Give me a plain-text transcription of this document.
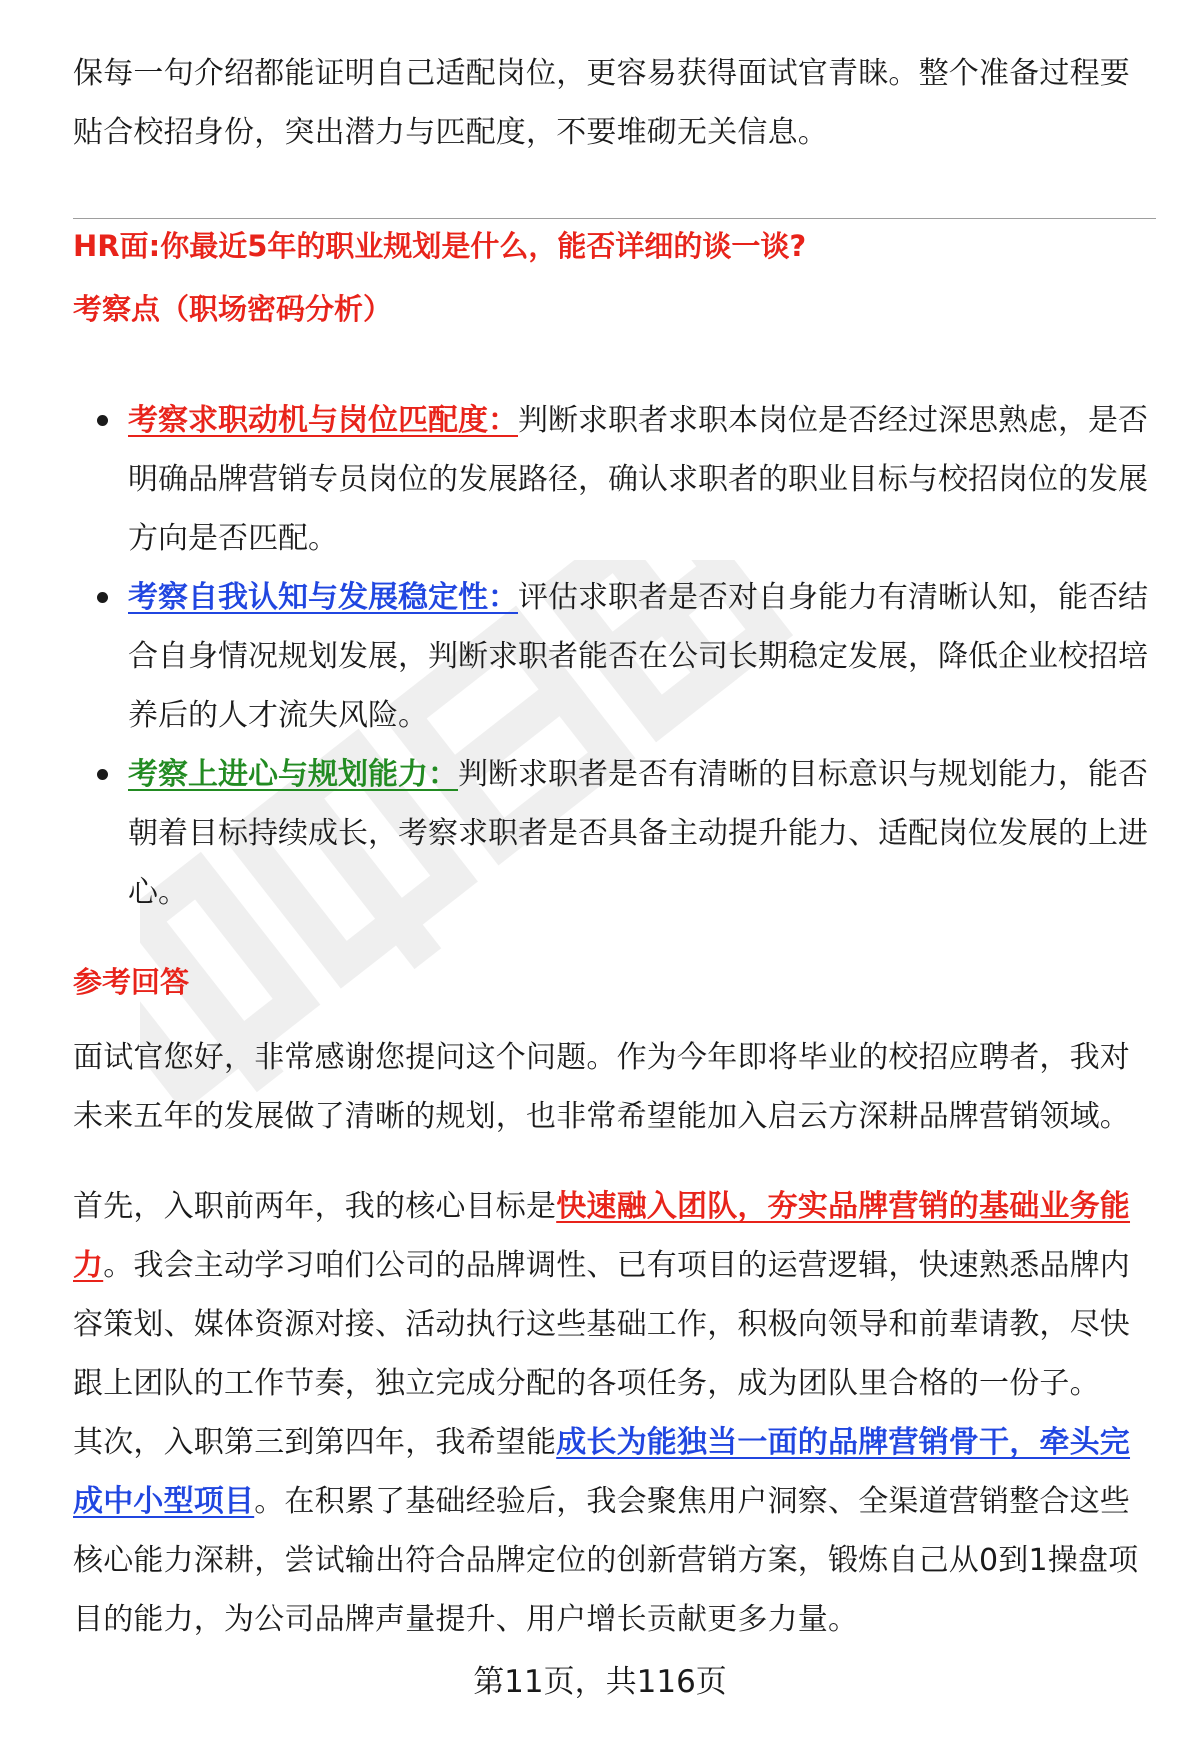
保每一句介绍都能证明自己适配岗位，更容易获得面试官青睐。整个准备过程要贴合校招身份，突出潜力与匹配度，不要堆砌无关信息。

HR面:你最近5年的职业规划是什么，能否详细的谈一谈?
考察点（职场密码分析）
考察求职动机与岗位匹配度：判断求职者求职本岗位是否经过深思熟虑，是否明确品牌营销专员岗位的发展路径，确认求职者的职业目标与校招岗位的发展方向是否匹配。
考察自我认知与发展稳定性：评估求职者是否对自身能力有清晰认知，能否结合自身情况规划发展，判断求职者能否在公司长期稳定发展，降低企业校招培养后的人才流失风险。
考察上进心与规划能力：判断求职者是否有清晰的目标意识与规划能力，能否朝着目标持续成长，考察求职者是否具备主动提升能力、适配岗位发展的上进心。
参考回答

面试官您好，非常感谢您提问这个问题。作为今年即将毕业的校招应聘者，我对未来五年的发展做了清晰的规划，也非常希望能加入启云方深耕品牌营销领域。

首先，入职前两年，我的核心目标是快速融入团队，夯实品牌营销的基础业务能力。我会主动学习咱们公司的品牌调性、已有项目的运营逻辑，快速熟悉品牌内容策划、媒体资源对接、活动执行这些基础工作，积极向领导和前辈请教，尽快跟上团队的工作节奏，独立完成分配的各项任务，成为团队里合格的一份子。

其次，入职第三到第四年，我希望能成长为能独当一面的品牌营销骨干，牵头完成中小型项目。在积累了基础经验后，我会聚焦用户洞察、全渠道营销整合这些核心能力深耕，尝试输出符合品牌定位的创新营销方案，锻炼自己从0到1操盘项目的能力，为公司品牌声量提升、用户增长贡献更多力量。

第11页，共116页
